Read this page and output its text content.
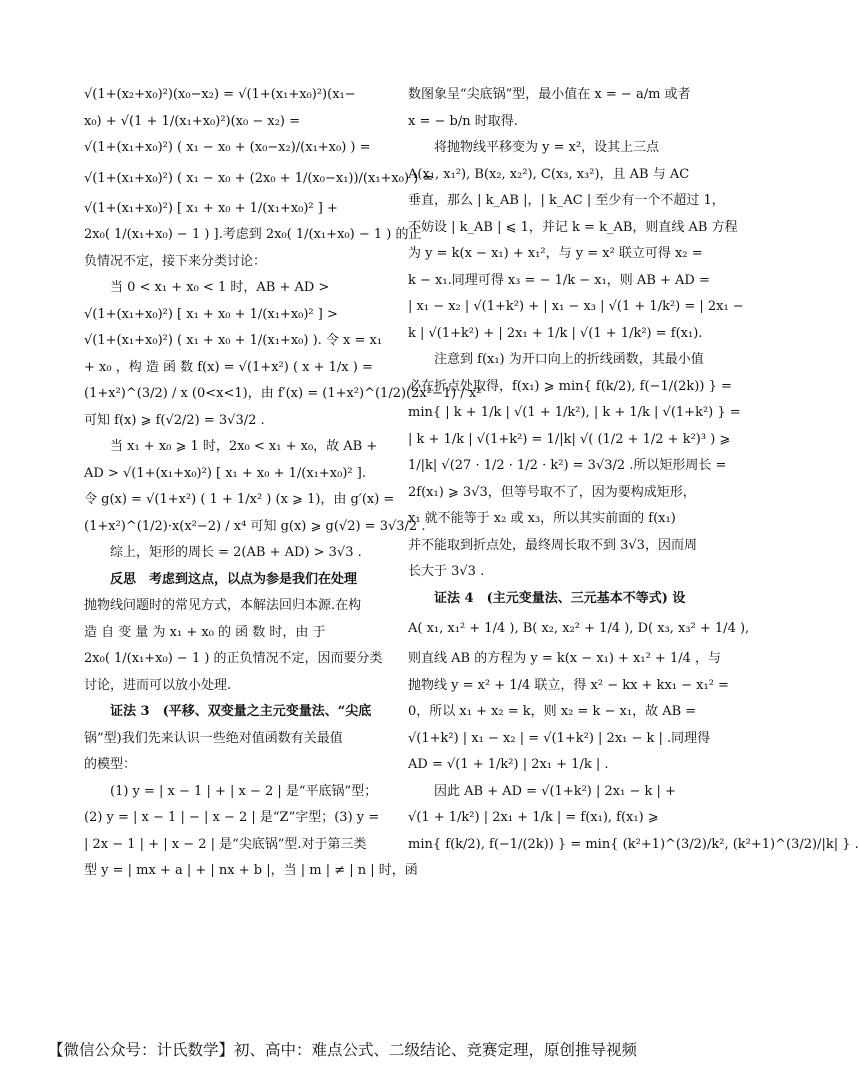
√(1+(x₂+x₀)²)(x₀−x₂) = √(1+(x₁+x₀)²)(x₁−
x₀) + √(1 + 1/(x₁+x₀)²)(x₀ − x₂) =
√(1+(x₁+x₀)²) ( x₁ − x₀ + (x₀−x₂)/(x₁+x₀) ) =
√(1+(x₁+x₀)²) ( x₁ − x₀ + (2x₀ + 1/(x₀−x₁))/(x₁+x₀) ) =
√(1+(x₁+x₀)²) [ x₁ + x₀ + 1/(x₁+x₀)² ] +
2x₀( 1/(x₁+x₀) − 1 ) ].考虑到 2x₀( 1/(x₁+x₀) − 1 ) 的正
负情况不定，接下来分类讨论：
当 0 < x₁ + x₀ < 1 时，AB + AD >
√(1+(x₁+x₀)²) [ x₁ + x₀ + 1/(x₁+x₀)² ] >
√(1+(x₁+x₀)²) ( x₁ + x₀ + 1/(x₁+x₀) ). 令 x = x₁
+ x₀ ，构 造 函 数 f(x) = √(1+x²) ( x + 1/x ) =
(1+x²)^(3/2) / x (0<x<1)，由 f′(x) = (1+x²)^(1/2)(2x²−1) / x²
可知 f(x) ⩾ f(√2/2) = 3√3/2 .
当 x₁ + x₀ ⩾ 1 时，2x₀ < x₁ + x₀，故 AB +
AD > √(1+(x₁+x₀)²) [ x₁ + x₀ + 1/(x₁+x₀)² ].
令 g(x) = √(1+x²) ( 1 + 1/x² ) (x ⩾ 1)，由 g′(x) =
(1+x²)^(1/2)·x(x²−2) / x⁴ 可知 g(x) ⩾ g(√2) = 3√3/2 .
综上，矩形的周长 = 2(AB + AD) > 3√3 .
反思　考虑到这点，以点为参是我们在处理
抛物线问题时的常见方式，本解法回归本源.在构
造 自 变 量 为 x₁ + x₀ 的 函 数 时，由 于
2x₀( 1/(x₁+x₀) − 1 ) 的正负情况不定，因而要分类
讨论，进而可以放小处理.
证法 3　(平移、双变量之主元变量法、“尖底
锅”型)我们先来认识一些绝对值函数有关最值
的模型：
(1) y = | x − 1 | + | x − 2 | 是“平底锅”型；
(2) y = | x − 1 | − | x − 2 | 是“Z”字型；(3) y =
| 2x − 1 | + | x − 2 | 是“尖底锅”型.对于第三类
型 y = | mx + a | + | nx + b |，当 | m | ≠ | n | 时，函
数图象呈“尖底锅”型，最小值在 x = − a/m 或者
x = − b/n 时取得.
将抛物线平移变为 y = x²，设其上三点
A(x₁, x₁²), B(x₂, x₂²), C(x₃, x₃²)，且 AB 与 AC
垂直，那么 | k_AB |，| k_AC | 至少有一个不超过 1，
不妨设 | k_AB | ⩽ 1，并记 k = k_AB，则直线 AB 方程
为 y = k(x − x₁) + x₁²，与 y = x² 联立可得 x₂ =
k − x₁.同理可得 x₃ = − 1/k − x₁，则 AB + AD =
| x₁ − x₂ | √(1+k²) + | x₁ − x₃ | √(1 + 1/k²) = | 2x₁ −
k | √(1+k²) + | 2x₁ + 1/k | √(1 + 1/k²) = f(x₁).
注意到 f(x₁) 为开口向上的折线函数，其最小值
必在折点处取得，f(x₁) ⩾ min{ f(k/2), f(−1/(2k)) } =
min{ | k + 1/k | √(1 + 1/k²), | k + 1/k | √(1+k²) } =
| k + 1/k | √(1+k²) = 1/|k| √( (1/2 + 1/2 + k²)³ ) ⩾
1/|k| √(27 · 1/2 · 1/2 · k²) = 3√3/2 .所以矩形周长 =
2f(x₁) ⩾ 3√3，但等号取不了，因为要构成矩形，
x₁ 就不能等于 x₂ 或 x₃，所以其实前面的 f(x₁)
并不能取到折点处，最终周长取不到 3√3，因而周
长大于 3√3 .
证法 4　(主元变量法、三元基本不等式) 设
A( x₁, x₁² + 1/4 ), B( x₂, x₂² + 1/4 ), D( x₃, x₃² + 1/4 ),
则直线 AB 的方程为 y = k(x − x₁) + x₁² + 1/4 ，与
抛物线 y = x² + 1/4 联立，得 x² − kx + kx₁ − x₁² =
0，所以 x₁ + x₂ = k，则 x₂ = k − x₁，故 AB =
√(1+k²) | x₁ − x₂ | = √(1+k²) | 2x₁ − k | .同理得
AD = √(1 + 1/k²) | 2x₁ + 1/k | .
因此 AB + AD = √(1+k²) | 2x₁ − k | +
√(1 + 1/k²) | 2x₁ + 1/k | = f(x₁), f(x₁) ⩾
min{ f(k/2), f(−1/(2k)) } = min{ (k²+1)^(3/2)/k², (k²+1)^(3/2)/|k| } .
【微信公众号：计氏数学】初、高中：难点公式、二级结论、竞赛定理，原创推导视频
